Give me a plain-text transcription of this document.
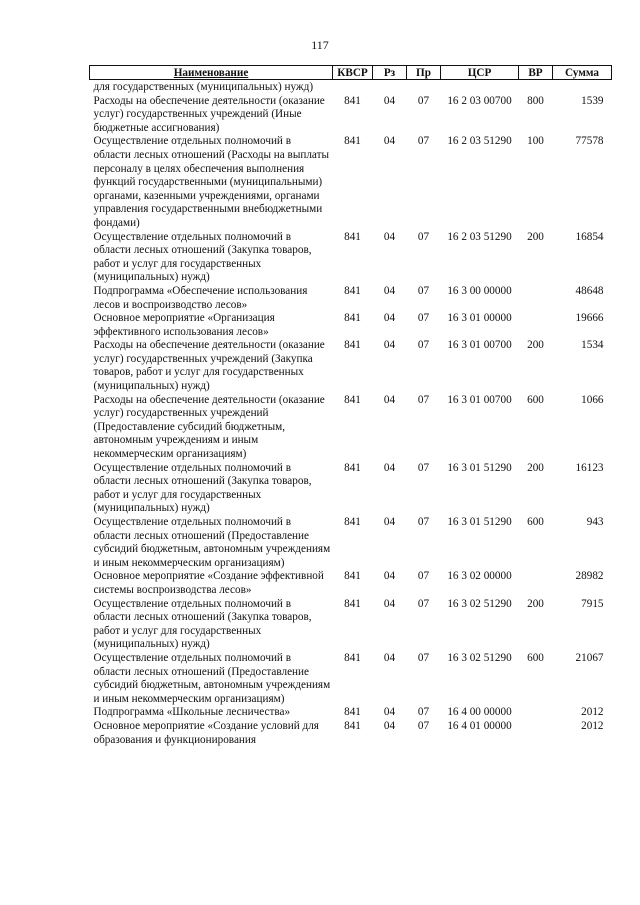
117
Наименование	КВСР	Рз	Пр	ЦСР	ВР	Сумма
для государственных (муниципальных) нужд)						
Расходы на обеспечение деятельности (оказание услуг) государственных учреждений (Иные бюджетные ассигнования)	841	04	07	16 2 03 00700	800	1539
Осуществление отдельных полномочий в области лесных отношений (Расходы на выплаты персоналу в целях обеспечения выполнения функций государственными (муниципальными) органами, казенными учреждениями, органами управления государственными внебюджетными фондами)	841	04	07	16 2 03 51290	100	77578
Осуществление отдельных полномочий в области лесных отношений (Закупка товаров, работ и услуг для государственных (муниципальных) нужд)	841	04	07	16 2 03 51290	200	16854
Подпрограмма «Обеспечение использования лесов и воспроизводство лесов»	841	04	07	16 3 00 00000		48648
Основное мероприятие «Организация эффективного использования лесов»	841	04	07	16 3 01 00000		19666
Расходы на обеспечение деятельности (оказание услуг) государственных учреждений (Закупка товаров, работ и услуг для государственных (муниципальных) нужд)	841	04	07	16 3 01 00700	200	1534
Расходы на обеспечение деятельности (оказание услуг) государственных учреждений (Предоставление субсидий бюджетным, автономным учреждениям и иным некоммерческим организациям)	841	04	07	16 3 01 00700	600	1066
Осуществление отдельных полномочий в области лесных отношений (Закупка товаров, работ и услуг для государственных (муниципальных) нужд)	841	04	07	16 3 01 51290	200	16123
Осуществление отдельных полномочий в области лесных отношений (Предоставление субсидий бюджетным, автономным учреждениям и иным некоммерческим организациям)	841	04	07	16 3 01 51290	600	943
Основное мероприятие «Создание эффективной системы воспроизводства лесов»	841	04	07	16 3 02 00000		28982
Осуществление отдельных полномочий в области лесных отношений (Закупка товаров, работ и услуг для государственных (муниципальных) нужд)	841	04	07	16 3 02 51290	200	7915
Осуществление отдельных полномочий в области лесных отношений (Предоставление субсидий бюджетным, автономным учреждениям и иным некоммерческим организациям)	841	04	07	16 3 02 51290	600	21067
Подпрограмма «Школьные лесничества»	841	04	07	16 4 00 00000		2012
Основное мероприятие «Создание условий для образования и функционирования	841	04	07	16 4 01 00000		2012
